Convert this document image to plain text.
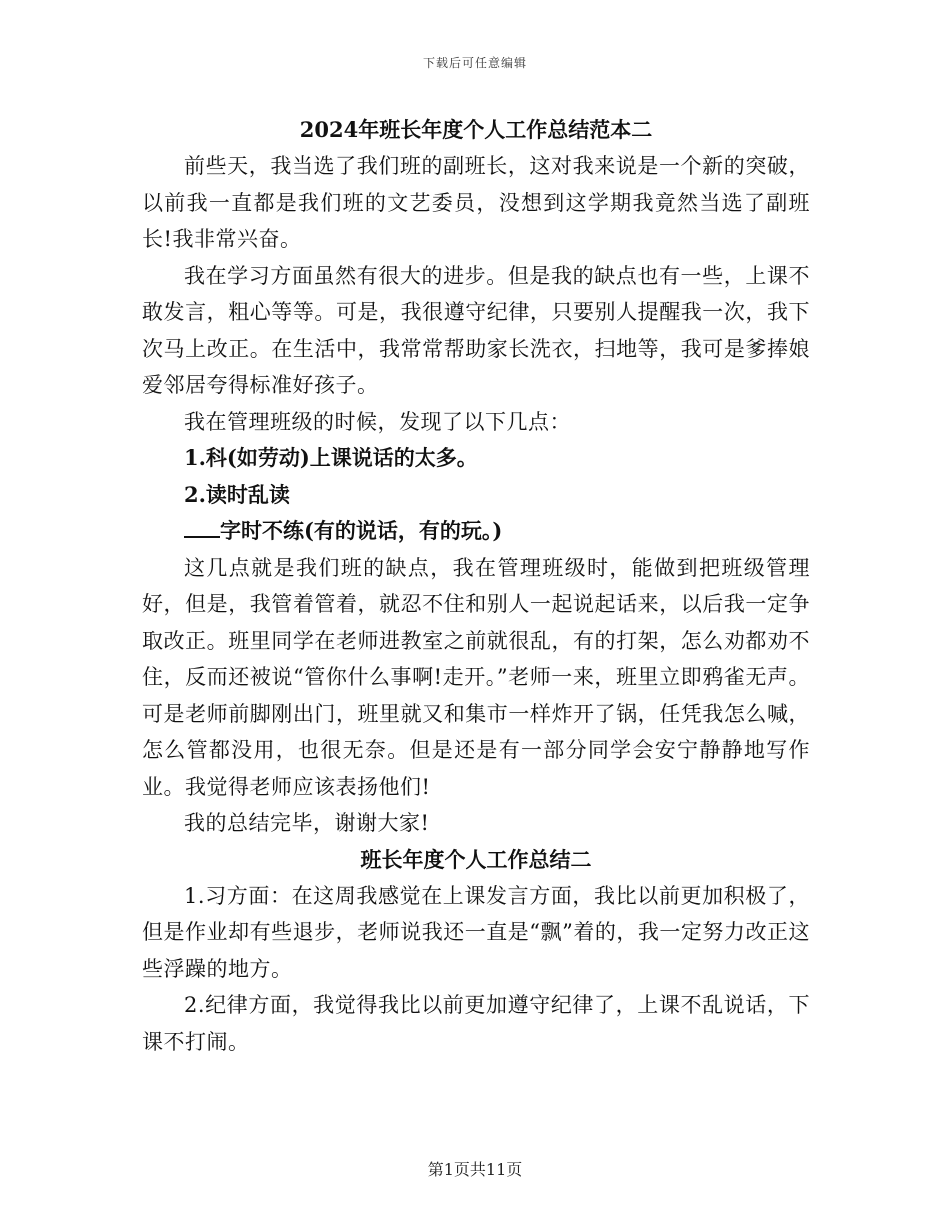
下载后可任意编辑

2024年班长年度个人工作总结范本二

前些天，我当选了我们班的副班长，这对我来说是一个新的突破，以前我一直都是我们班的文艺委员，没想到这学期我竟然当选了副班长!我非常兴奋。

我在学习方面虽然有很大的进步。但是我的缺点也有一些，上课不敢发言，粗心等等。可是，我很遵守纪律，只要别人提醒我一次，我下次马上改正。在生活中，我常常帮助家长洗衣，扫地等，我可是爹捧娘爱邻居夸得标准好孩子。

我在管理班级的时候，发现了以下几点：

1.科(如劳动)上课说话的太多。

2.读时乱读

字时不练(有的说话，有的玩。)

这几点就是我们班的缺点，我在管理班级时，能做到把班级管理好，但是，我管着管着，就忍不住和别人一起说起话来，以后我一定争取改正。班里同学在老师进教室之前就很乱，有的打架，怎么劝都劝不住，反而还被说“管你什么事啊!走开。”老师一来，班里立即鸦雀无声。可是老师前脚刚出门，班里就又和集市一样炸开了锅，任凭我怎么喊，怎么管都没用，也很无奈。但是还是有一部分同学会安宁静静地写作业。我觉得老师应该表扬他们!

我的总结完毕，谢谢大家!

班长年度个人工作总结二

1.习方面：在这周我感觉在上课发言方面，我比以前更加积极了，但是作业却有些退步，老师说我还一直是“飘”着的，我一定努力改正这些浮躁的地方。

2.纪律方面，我觉得我比以前更加遵守纪律了，上课不乱说话，下课不打闹。

第1页共11页
